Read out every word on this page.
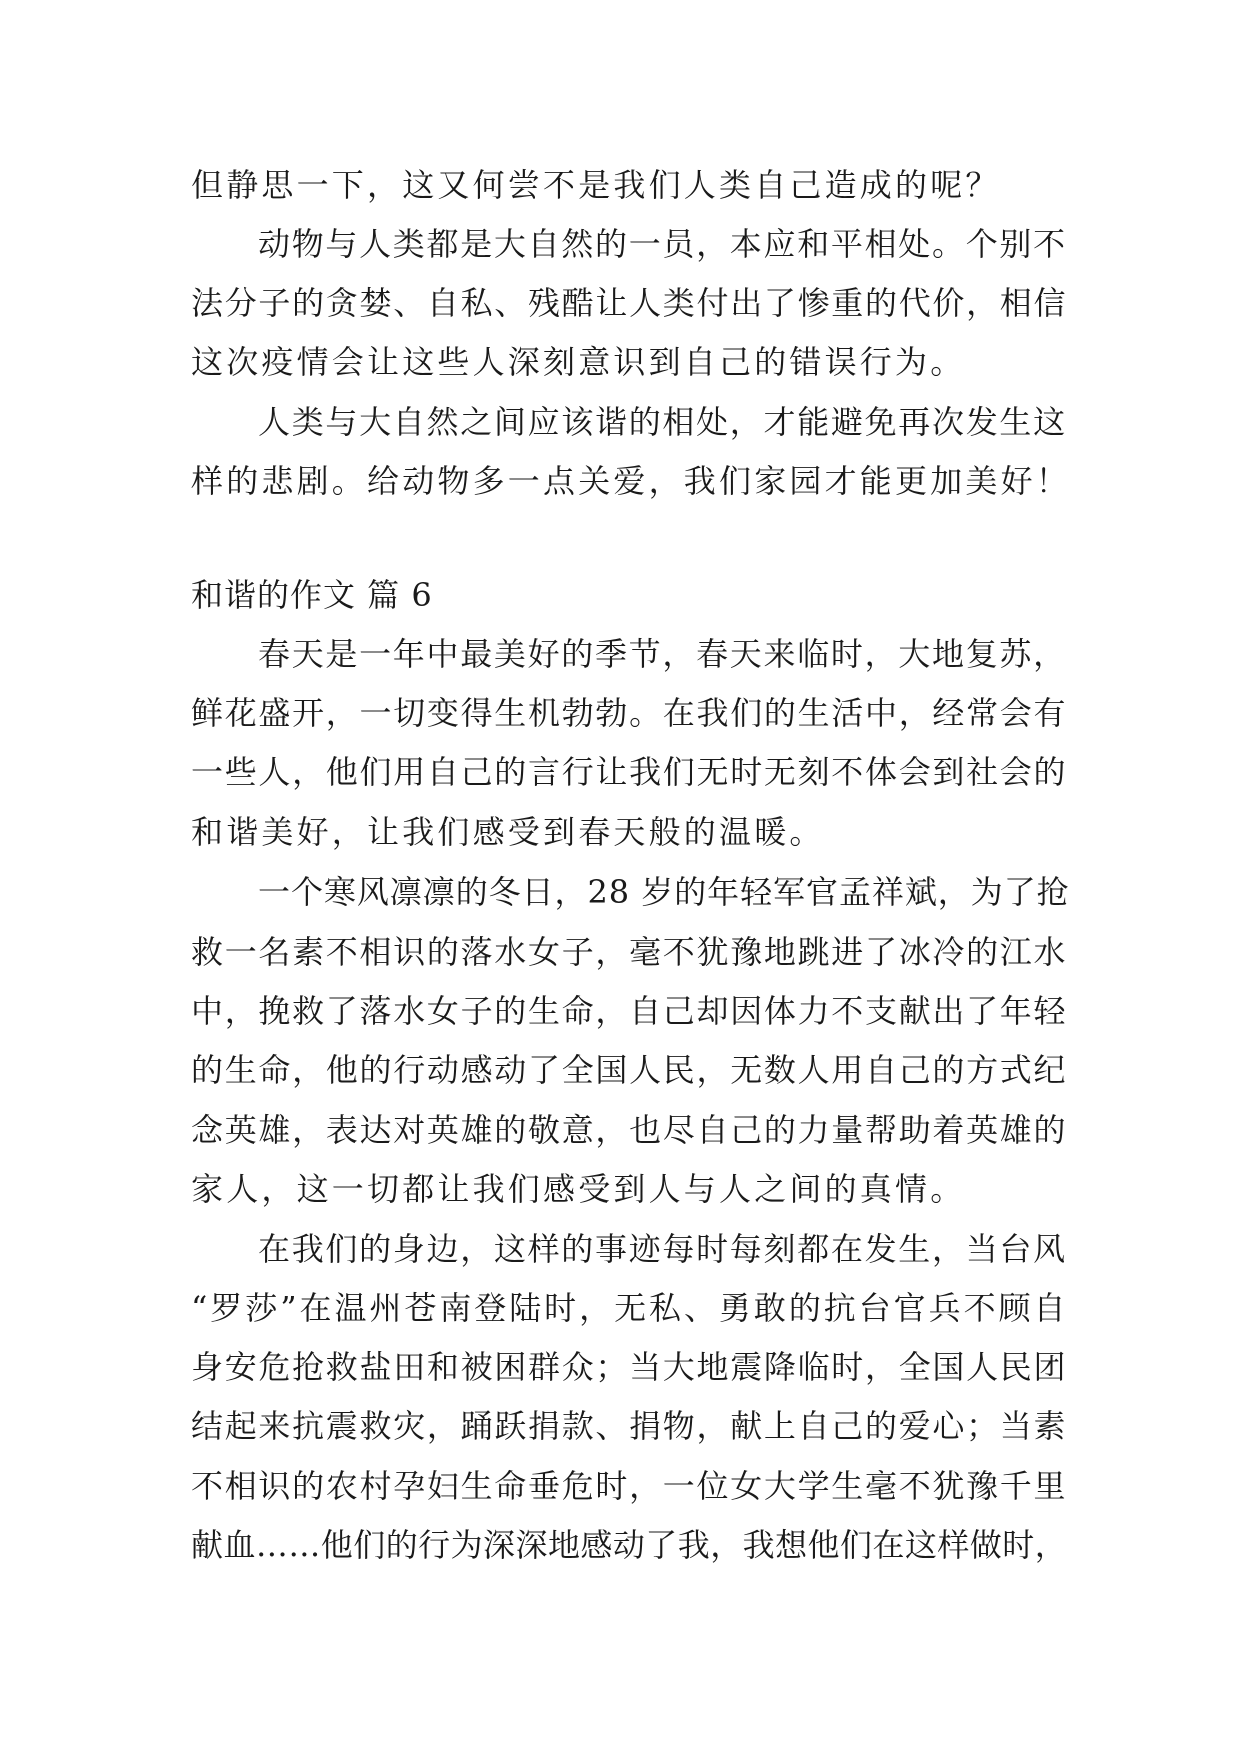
但静思一下，这又何尝不是我们人类自己造成的呢？

动物与人类都是大自然的一员，本应和平相处。个别不

法分子的贪婪、自私、残酷让人类付出了惨重的代价，相信

这次疫情会让这些人深刻意识到自己的错误行为。

人类与大自然之间应该谐的相处，才能避免再次发生这

样的悲剧。给动物多一点关爱，我们家园才能更加美好！

和谐的作文 篇 6

春天是一年中最美好的季节，春天来临时，大地复苏，

鲜花盛开，一切变得生机勃勃。在我们的生活中，经常会有

一些人，他们用自己的言行让我们无时无刻不体会到社会的

和谐美好，让我们感受到春天般的温暖。

一个寒风凛凛的冬日，28 岁的年轻军官孟祥斌，为了抢

救一名素不相识的落水女子，毫不犹豫地跳进了冰冷的江水

中，挽救了落水女子的生命，自己却因体力不支献出了年轻

的生命，他的行动感动了全国人民，无数人用自己的方式纪

念英雄，表达对英雄的敬意，也尽自己的力量帮助着英雄的

家人，这一切都让我们感受到人与人之间的真情。

在我们的身边，这样的事迹每时每刻都在发生，当台风

“罗莎”在温州苍南登陆时，无私、勇敢的抗台官兵不顾自

身安危抢救盐田和被困群众；当大地震降临时，全国人民团

结起来抗震救灾，踊跃捐款、捐物，献上自己的爱心；当素

不相识的农村孕妇生命垂危时，一位女大学生毫不犹豫千里

献血……他们的行为深深地感动了我，我想他们在这样做时，
